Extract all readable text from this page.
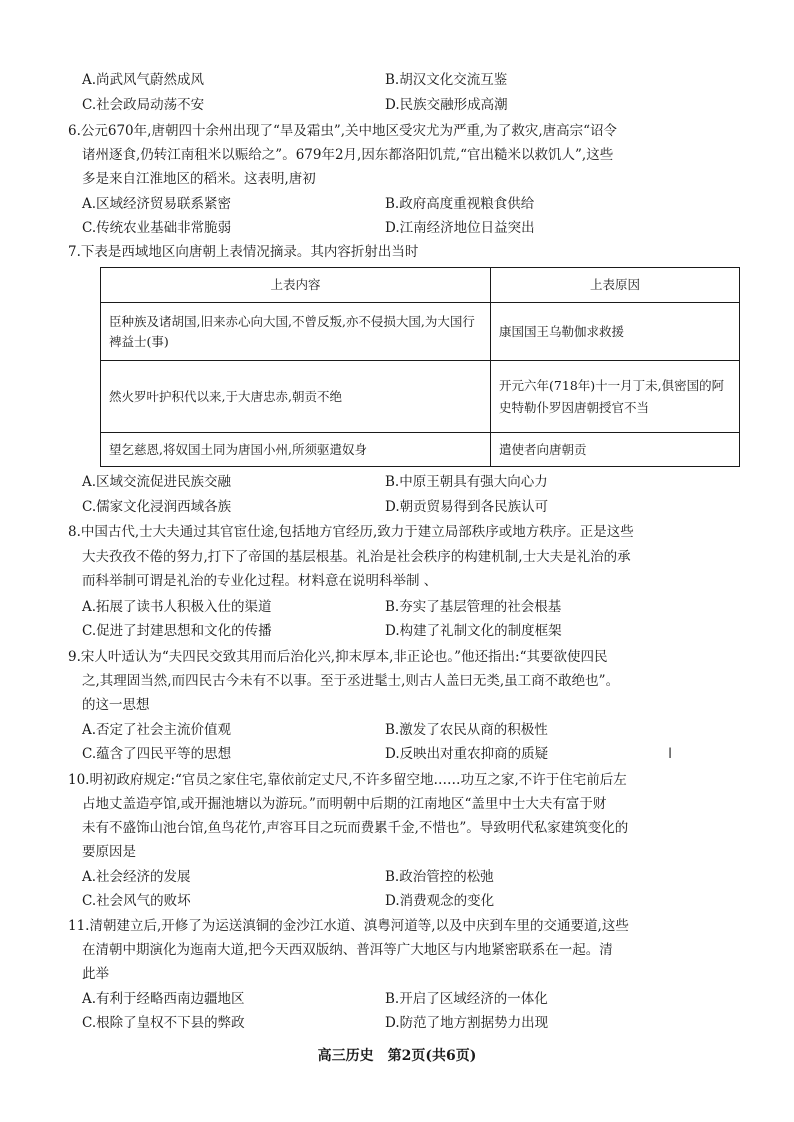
A.尚武风气蔚然成风	B.胡汉文化交流互鉴
C.社会政局动荡不安	D.民族交融形成高潮
6.公元670年,唐朝四十余州出现了“旱及霜虫”,关中地区受灾尤为严重,为了救灾,唐高宗“诏令
诸州逐食,仍转江南租米以赈给之”。679年2月,因东都洛阳饥荒,“官出糙米以救饥人”,这些
多是来自江淮地区的稻米。这表明,唐初
A.区域经济贸易联系紧密	B.政府高度重视粮食供给
C.传统农业基础非常脆弱	D.江南经济地位日益突出
7.下表是西域地区向唐朝上表情况摘录。其内容折射出当时
上表内容	上表原因
臣种族及诸胡国,旧来赤心向大国,不曾反叛,亦不侵损大国,为大国行裨益士(事)	康国国王乌勒伽求救援
然火罗叶护积代以来,于大唐忠赤,朝贡不绝	开元六年(718年)十一月丁未,俱密国的阿史特勒仆罗因唐朝授官不当
望乞慈恩,将奴国土同为唐国小州,所须驱遣奴身	遣使者向唐朝贡
A.区域交流促进民族交融	B.中原王朝具有强大向心力
C.儒家文化浸润西域各族	D.朝贡贸易得到各民族认可
8.中国古代,士大夫通过其官宦仕途,包括地方官经历,致力于建立局部秩序或地方秩序。正是这些
大夫孜孜不倦的努力,打下了帝国的基层根基。礼治是社会秩序的构建机制,士大夫是礼治的承
而科举制可谓是礼治的专业化过程。材料意在说明科举制 、
A.拓展了读书人积极入仕的渠道	B.夯实了基层管理的社会根基
C.促进了封建思想和文化的传播	D.构建了礼制文化的制度框架
9.宋人叶适认为“夫四民交致其用而后治化兴,抑末厚本,非正论也。”他还指出:“其要欲使四民
之,其理固当然,而四民古今未有不以事。至于丞进髦士,则古人盖曰无类,虽工商不敢绝也”。
的这一思想
A.否定了社会主流价值观	B.激发了农民从商的积极性
C.蕴含了四民平等的思想	D.反映出对重农抑商的质疑	ǀ
10.明初政府规定:“官员之家住宅,靠依前定丈尺,不许多留空地……功互之家,不许于住宅前后左
占地丈盖造亭馆,或开掘池塘以为游玩。”而明朝中后期的江南地区“盖里中士大夫有富于财
未有不盛饰山池台馆,鱼鸟花竹,声容耳目之玩而费累千金,不惜也”。导致明代私家建筑变化的
要原因是
A.社会经济的发展	B.政治管控的松弛
C.社会风气的败坏	D.消费观念的变化
11.清朝建立后,开修了为运送滇铜的金沙江水道、滇粤河道等,以及中庆到车里的交通要道,这些
在清朝中期演化为迤南大道,把今天西双版纳、普洱等广大地区与内地紧密联系在一起。清
此举
A.有利于经略西南边疆地区	B.开启了区域经济的一体化
C.根除了皇权不下县的弊政	D.防范了地方割据势力出现
高三历史　第2页(共6页)
